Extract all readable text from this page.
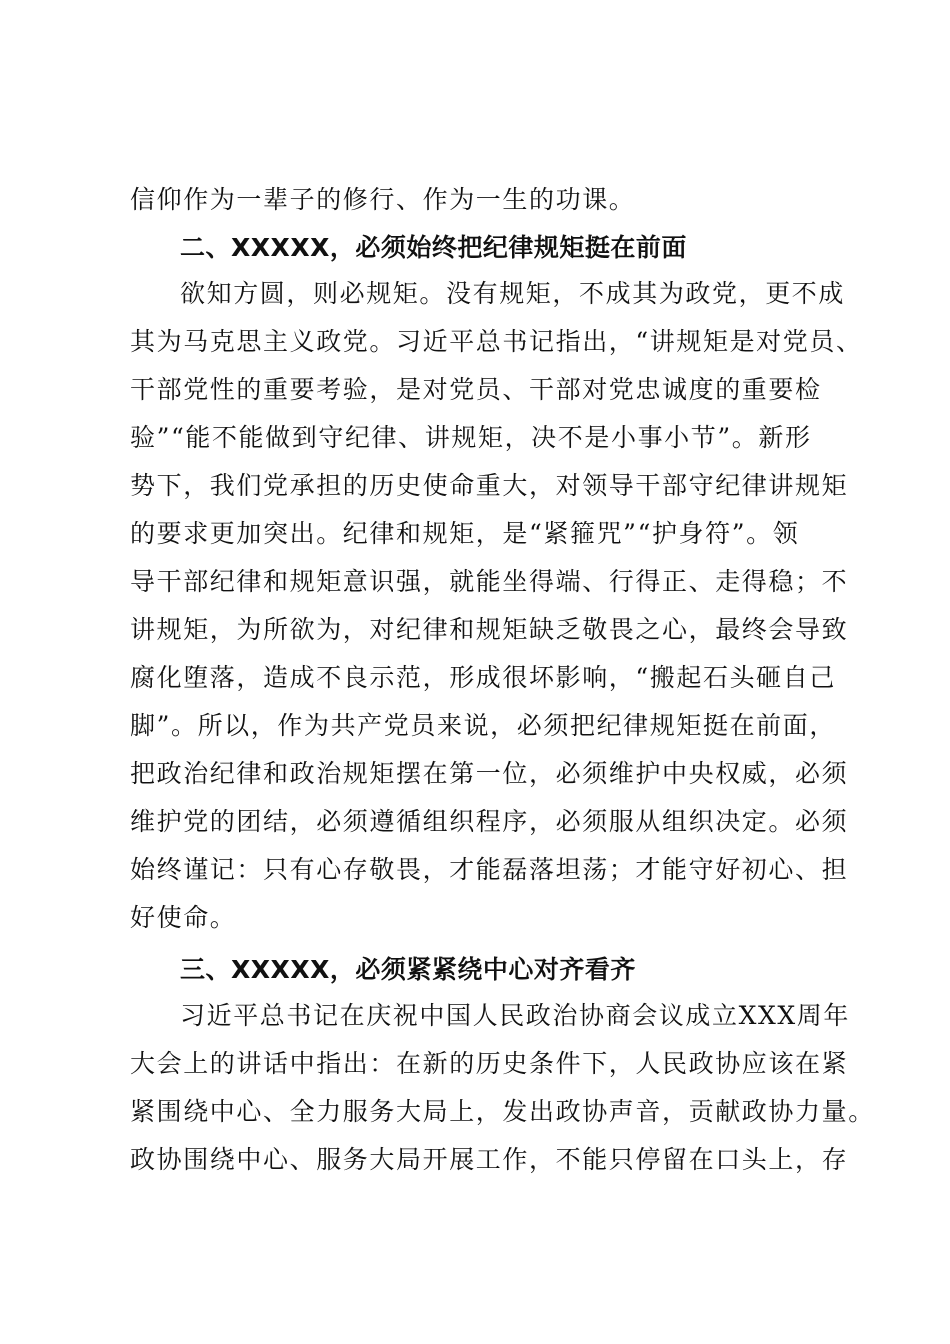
信仰作为一辈子的修行、作为一生的功课。
二、XXXXX，必须始终把纪律规矩挺在前面
欲知方圆，则必规矩。没有规矩，不成其为政党，更不成
其为马克思主义政党。习近平总书记指出，“讲规矩是对党员、
干部党性的重要考验，是对党员、干部对党忠诚度的重要检
验”“能不能做到守纪律、讲规矩，决不是小事小节”。新形
势下，我们党承担的历史使命重大，对领导干部守纪律讲规矩
的要求更加突出。纪律和规矩，是“紧箍咒”“护身符”。领
导干部纪律和规矩意识强，就能坐得端、行得正、走得稳；不
讲规矩，为所欲为，对纪律和规矩缺乏敬畏之心，最终会导致
腐化堕落，造成不良示范，形成很坏影响，“搬起石头砸自己
脚”。所以，作为共产党员来说，必须把纪律规矩挺在前面，
把政治纪律和政治规矩摆在第一位，必须维护中央权威，必须
维护党的团结，必须遵循组织程序，必须服从组织决定。必须
始终谨记：只有心存敬畏，才能磊落坦荡；才能守好初心、担
好使命。
三、XXXXX，必须紧紧绕中心对齐看齐
习近平总书记在庆祝中国人民政治协商会议成立XXX周年
大会上的讲话中指出：在新的历史条件下，人民政协应该在紧
紧围绕中心、全力服务大局上，发出政协声音，贡献政协力量。
政协围绕中心、服务大局开展工作，不能只停留在口头上，存
